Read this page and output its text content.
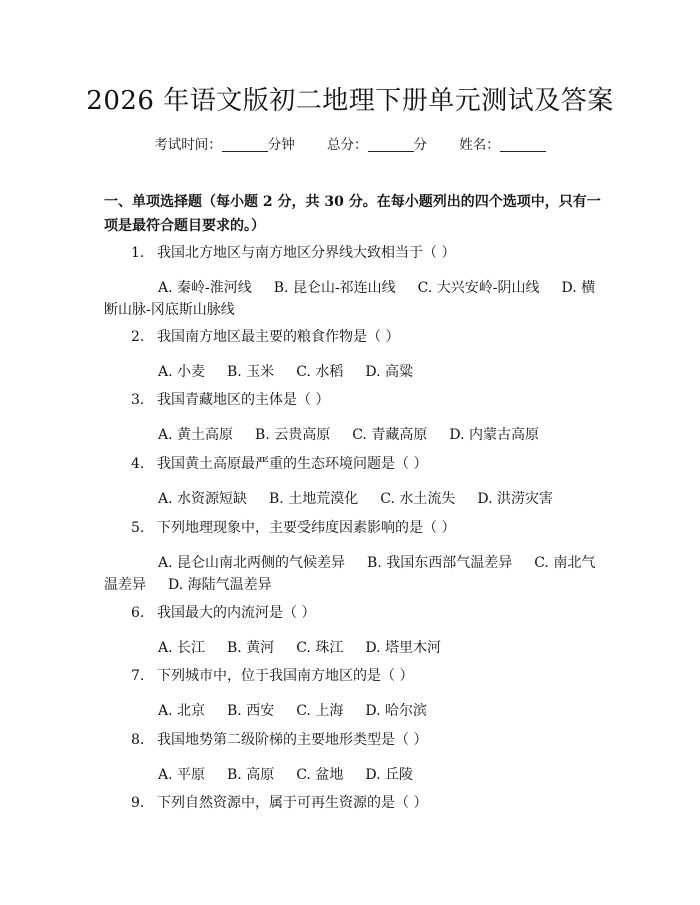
2026 年语文版初二地理下册单元测试及答案
考试时间：	分钟 总分：	分 姓名：
一、单项选择题（每小题 2 分，共 30 分。在每小题列出的四个选项中，只有一项是最符合题目要求的。）
1. 我国北方地区与南方地区分界线大致相当于（ ）
A. 秦岭-淮河线 B. 昆仑山-祁连山线 C. 大兴安岭-阴山线 D. 横断山脉-冈底斯山脉线
2. 我国南方地区最主要的粮食作物是（ ）
A. 小麦 B. 玉米 C. 水稻 D. 高粱
3. 我国青藏地区的主体是（ ）
A. 黄土高原 B. 云贵高原 C. 青藏高原 D. 内蒙古高原
4. 我国黄土高原最严重的生态环境问题是（ ）
A. 水资源短缺 B. 土地荒漠化 C. 水土流失 D. 洪涝灾害
5. 下列地理现象中，主要受纬度因素影响的是（ ）
A. 昆仑山南北两侧的气候差异 B. 我国东西部气温差异 C. 南北气温差异 D. 海陆气温差异
6. 我国最大的内流河是（ ）
A. 长江 B. 黄河 C. 珠江 D. 塔里木河
7. 下列城市中，位于我国南方地区的是（ ）
A. 北京 B. 西安 C. 上海 D. 哈尔滨
8. 我国地势第二级阶梯的主要地形类型是（ ）
A. 平原 B. 高原 C. 盆地 D. 丘陵
9. 下列自然资源中，属于可再生资源的是（ ）
